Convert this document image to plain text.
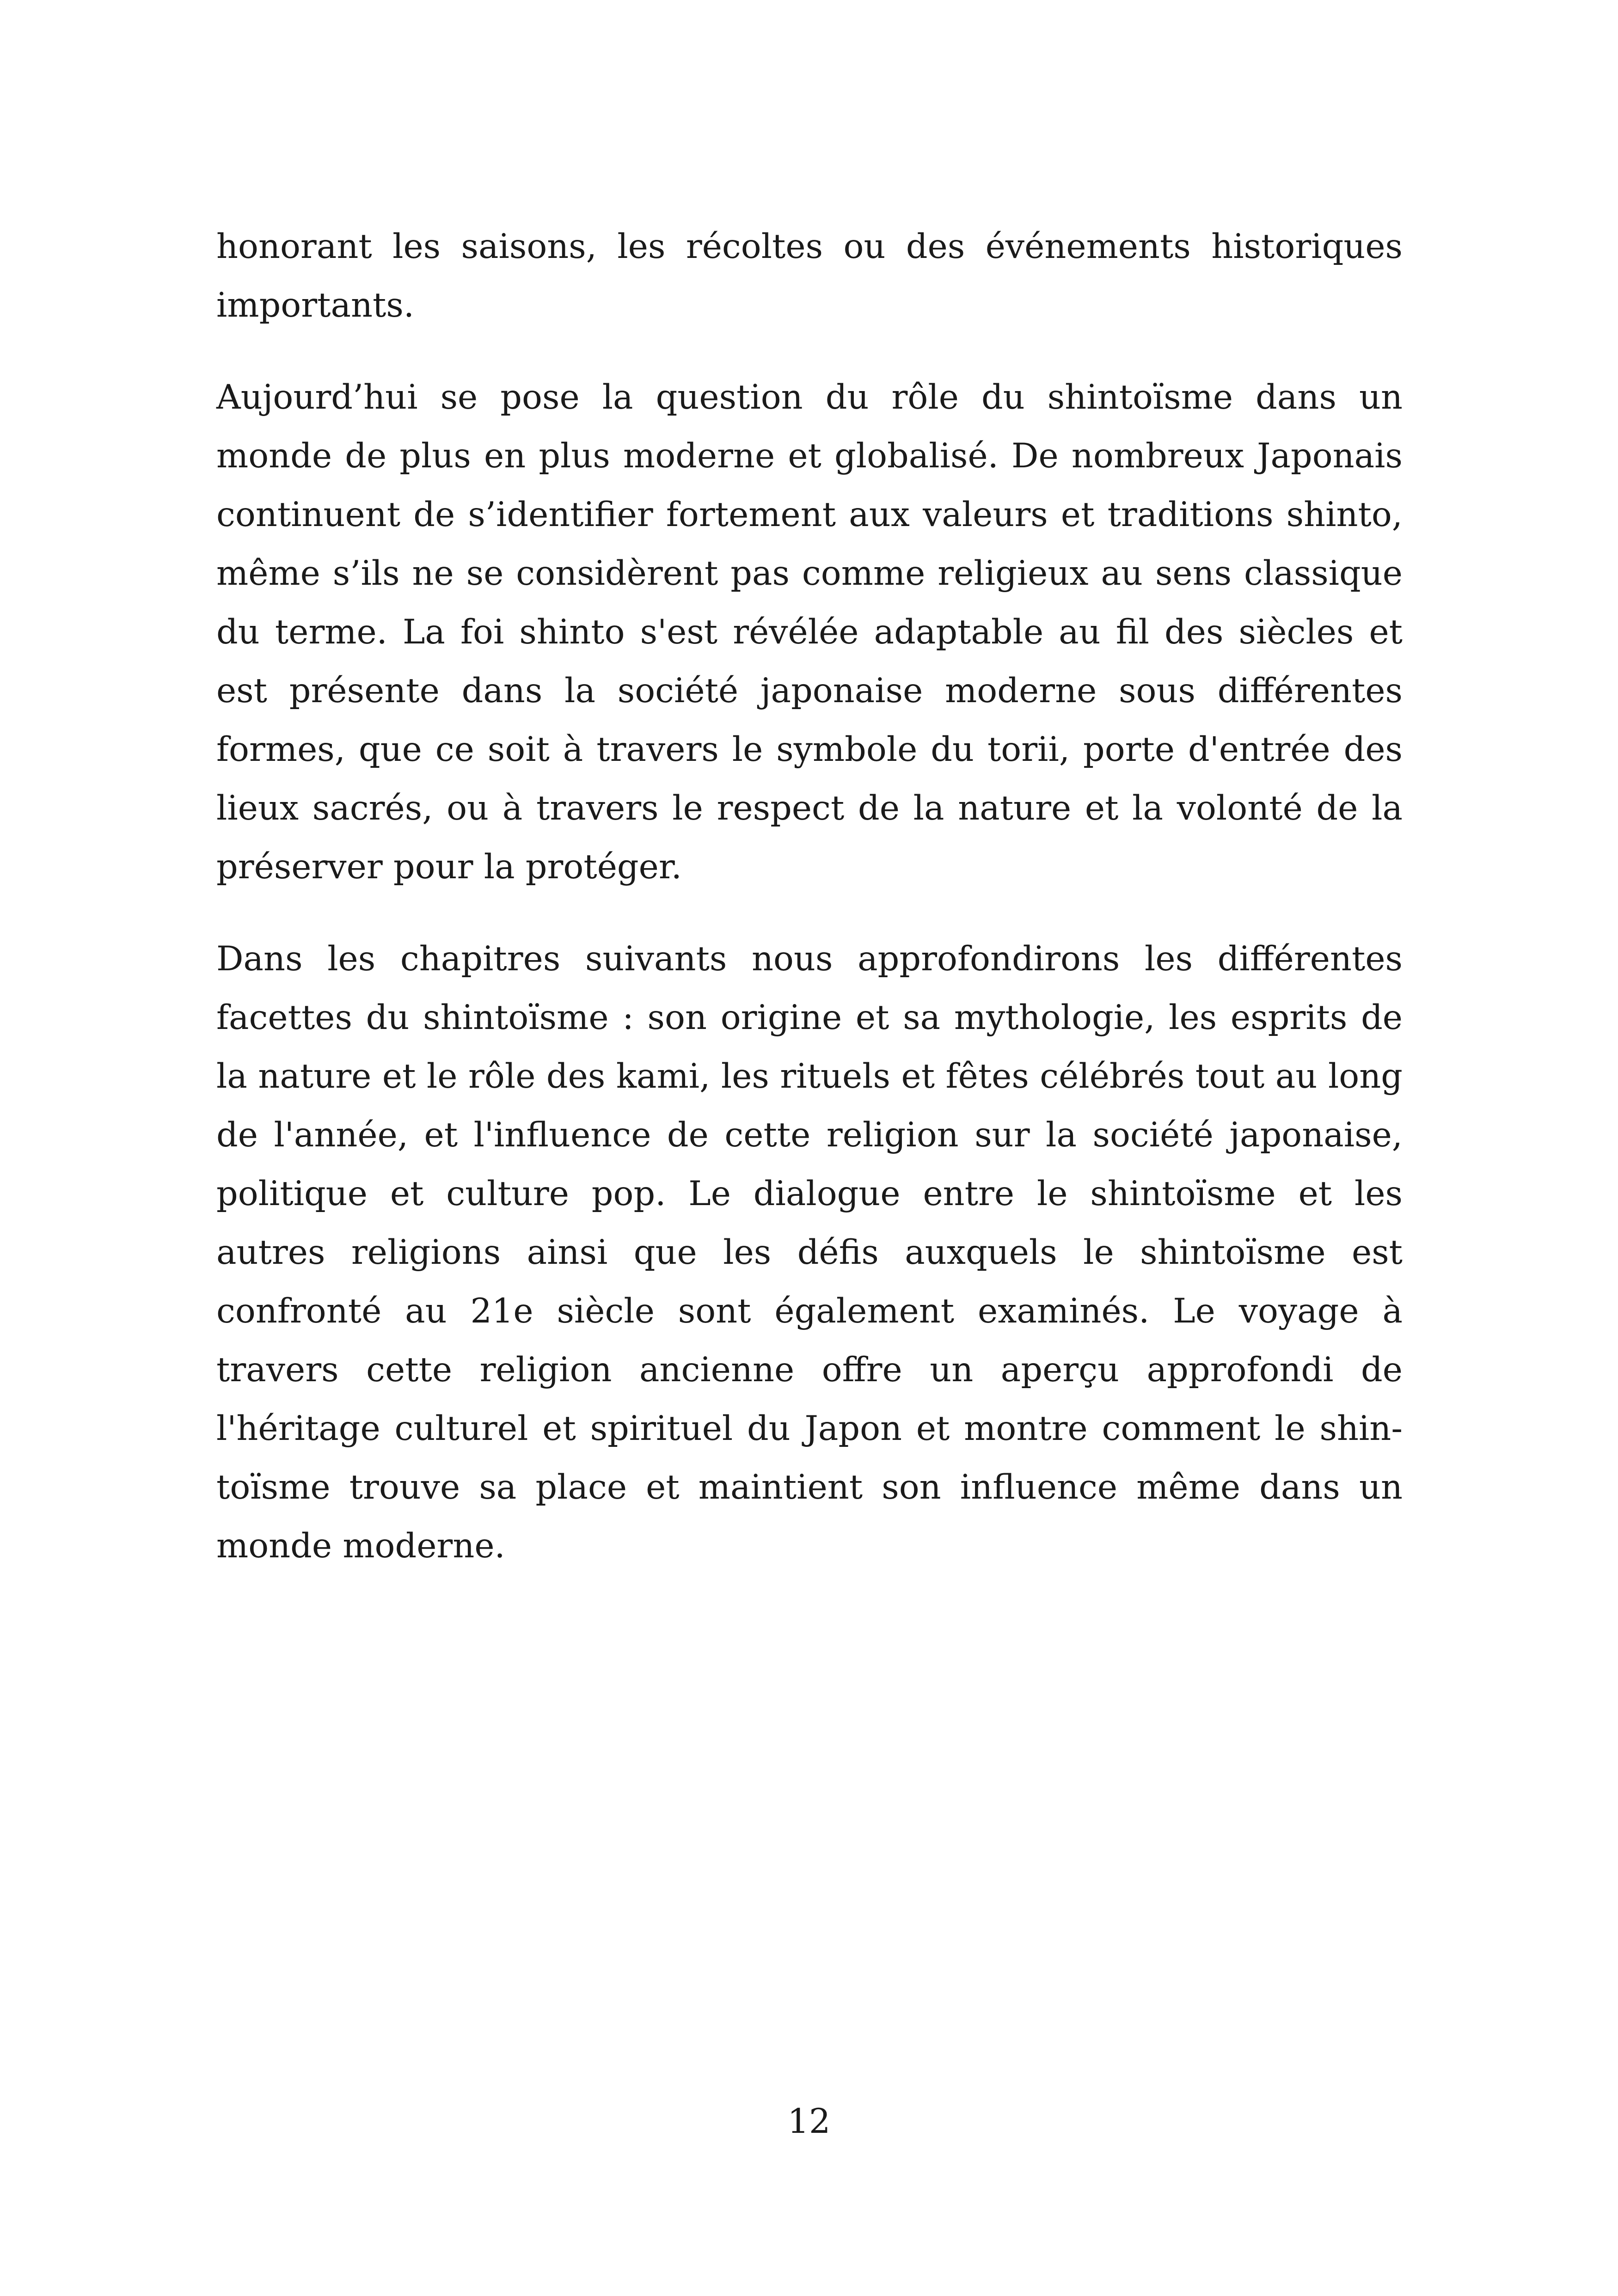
honorant les saisons, les récoltes ou des événements historiques importants.

Aujourd’hui se pose la question du rôle du shintoïsme dans un monde de plus en plus moderne et globalisé. De nombreux Japonais continuent de s’identifier fortement aux valeurs et traditions shinto, même s’ils ne se considèrent pas comme religieux au sens classique du terme. La foi shinto s'est révélée adaptable au fil des siècles et est présente dans la société japonaise moderne sous différentes formes, que ce soit à travers le symbole du torii, porte d'entrée des lieux sacrés, ou à travers le respect de la nature et la volonté de la préserver pour la protéger.

Dans les chapitres suivants nous approfondirons les différentes facettes du shintoïsme : son origine et sa mythologie, les esprits de la nature et le rôle des kami, les rituels et fêtes célébrés tout au long de l'année, et l'influence de cette religion sur la société japonaise, politique et culture pop. Le dialogue entre le shintoïsme et les autres religions ainsi que les défis auxquels le shintoïsme est confronté au 21e siècle sont également examinés. Le voyage à travers cette religion ancienne offre un aperçu approfondi de l'héritage culturel et spirituel du Japon et montre comment le shintoïsme trouve sa place et maintient son influence même dans un monde moderne.

12
